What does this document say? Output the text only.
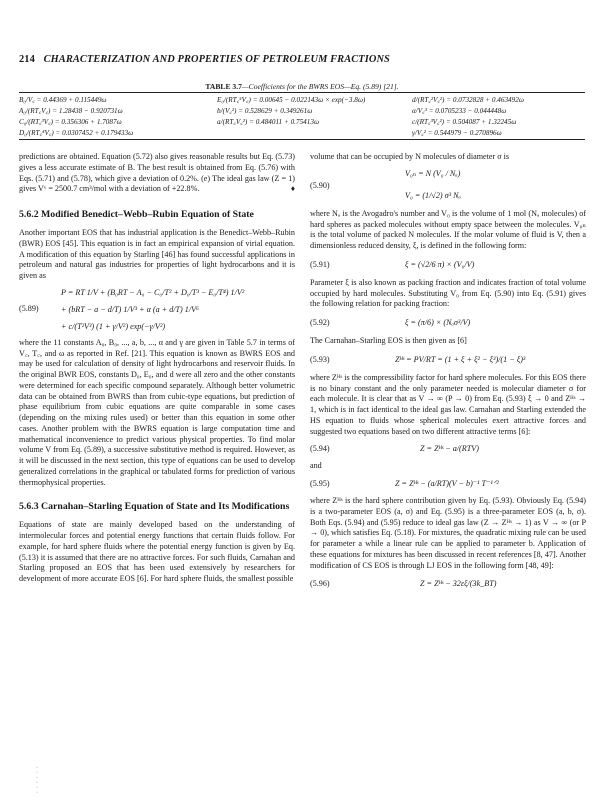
214 CHARACTERIZATION AND PROPERTIES OF PETROLEUM FRACTIONS
TABLE 3.7—Coefficients for the BWRS EOS—Eq. (5.89) [21].
B₀/V꜀ = 0.44369 + 0.115449ω	E₀/(RT꜀⁵V꜀) = 0.00645 − 0.022143ω × exp(−3.8ω)	d/(RT꜀²V꜀²) = 0.0732828 + 0.463492ω
A₀/(RT꜀V꜀) = 1.28438 − 0.920731ω	b/(V꜀²) = 0.528629 + 0.349261ω	α/V꜀³ = 0.0705233 − 0.044448ω
C₀/(RT꜀³V꜀) = 0.356306 + 1.7087ω	a/(RT꜀V꜀²) = 0.484011 + 0.75413ω	c/(RT꜀³V꜀²) = 0.504087 + 1.32245ω
D₀/(RT꜀⁴V꜀) = 0.0307452 + 0.179433ω	γ/V꜀² = 0.544979 − 0.270896ω

predictions are obtained. Equation (5.72) also gives reasonable results but Eq. (5.73) gives a less accurate estimate of B. The best result is obtained from Eq. (5.76) with Eqs. (5.71) and (5.78), which give a deviation of 0.2%. (e) The ideal gas law (Z = 1) gives Vᵛ = 2500.7 cm³/mol with a deviation of +22.8%.	♦

5.6.2 Modified Benedict–Webb–Rubin Equation of State

Another important EOS that has industrial application is the Benedict–Webb–Rubin (BWR) EOS [45]. This equation is in fact an empirical expansion of virial equation. A modification of this equation by Starling [46] has found successful applications in petroleum and natural gas industries for properties of light hydrocarbons and it is given as

(5.89)
P = RT 1/V + (B₀RT − A₀ − C₀/T² + D₀/T³ − E₀/T⁴) 1/V²
+ (bRT − a − d/T) 1/V³ + α (a + d/T) 1/V⁶
+ c/(T²V³) (1 + γ/V²) exp(−γ/V²)

where the 11 constants A₀, B₀, ..., a, b, ..., α and γ are given in Table 5.7 in terms of V꜀, T꜀, and ω as reported in Ref. [21]. This equation is known as BWRS EOS and may be used for calculation of density of light hydrocarbons and reservoir fluids. In the original BWR EOS, constants D₀, E₀, and d were all zero and the other constants were determined for each specific compound separately. Although better volumetric data can be obtained from BWRS than from cubic-type equations, but prediction of phase equilibrium from cubic equations are quite comparable in some cases (depending on the mixing rules used) or better than this equation in some other cases. Another problem with the BWRS equation is large computation time and mathematical inconvenience to predict various physical properties. To find molar volume V from Eq. (5.89), a successive substitutive method is required. However, as it will be discussed in the next section, this type of equations can be used to develop generalized correlations in the graphical or tabulated forms for prediction of various thermophysical properties.

5.6.3 Carnahan–Starling Equation of State and Its Modifications

Equations of state are mainly developed based on the understanding of intermolecular forces and potential energy functions that certain fluids follow. For example, for hard sphere fluids where the potential energy function is given by Eq. (5.13) it is assumed that there are no attractive forces. For such fluids, Carnahan and Starling proposed an EOS that has been used extensively by researchers for development of more accurate EOS [6]. For hard sphere fluids, the smallest possible

volume that can be occupied by N molecules of diameter σ is

(5.90)
V₀ₙ = N (V₀ / Nₐ)
V₀ = (1/√2) σ³ Nₐ

where Nₐ is the Avogadro's number and V₀ is the volume of 1 mol (Nₐ molecules) of hard spheres as packed molecules without empty space between the molecules. V₀ₙ is the total volume of packed N molecules. If the molar volume of fluid is V, then a dimensionless reduced density, ξ, is defined in the following form:

(5.91)	ξ = (√2/6 π) × (V₀/V)

Parameter ξ is also known as packing fraction and indicates fraction of total volume occupied by hard molecules. Substituting V₀ from Eq. (5.90) into Eq. (5.91) gives the following relation for packing fraction:

(5.92)	ξ = (π/6) × (Nₐσ³/V)

The Carnahan–Starling EOS is then given as [6]

(5.93)	Zᴴˢ = PV/RT = (1 + ξ + ξ² − ξ³)/(1 − ξ)³

where Zᴴˢ is the compressibility factor for hard sphere molecules. For this EOS there is no binary constant and the only parameter needed is molecular diameter σ for each molecule. It is clear that as V → ∞ (P → 0) from Eq. (5.93) ξ → 0 and Zᴴˢ → 1, which is in fact identical to the ideal gas law. Carnahan and Starling extended the HS equation to fluids whose spherical molecules exert attractive forces and suggested two equations based on two different attractive terms [6]:

(5.94)	Z = Zᴴˢ − a/(RTV)

and

(5.95)	Z = Zᴴˢ − (a/RT)(V − b)⁻¹ T⁻¹ᐟ²

where Zᴴˢ is the hard sphere contribution given by Eq. (5.93). Obviously Eq. (5.94) is a two-parameter EOS (a, σ) and Eq. (5.95) is a three-parameter EOS (a, b, σ). Both Eqs. (5.94) and (5.95) reduce to ideal gas law (Z → Zᴴˢ → 1) as V → ∞ (or P → 0), which satisfies Eq. (5.18). For mixtures, the quadratic mixing rule can be used for parameter a while a linear rule can be applied to parameter b. Application of these equations for mixtures has been discussed in recent references [8, 47]. Another modification of CS EOS is through LJ EOS in the following form [48, 49]:

(5.96)	Z = Zᴴˢ − 32εξ/(3k_BT)
·
·
·
·
·
·
